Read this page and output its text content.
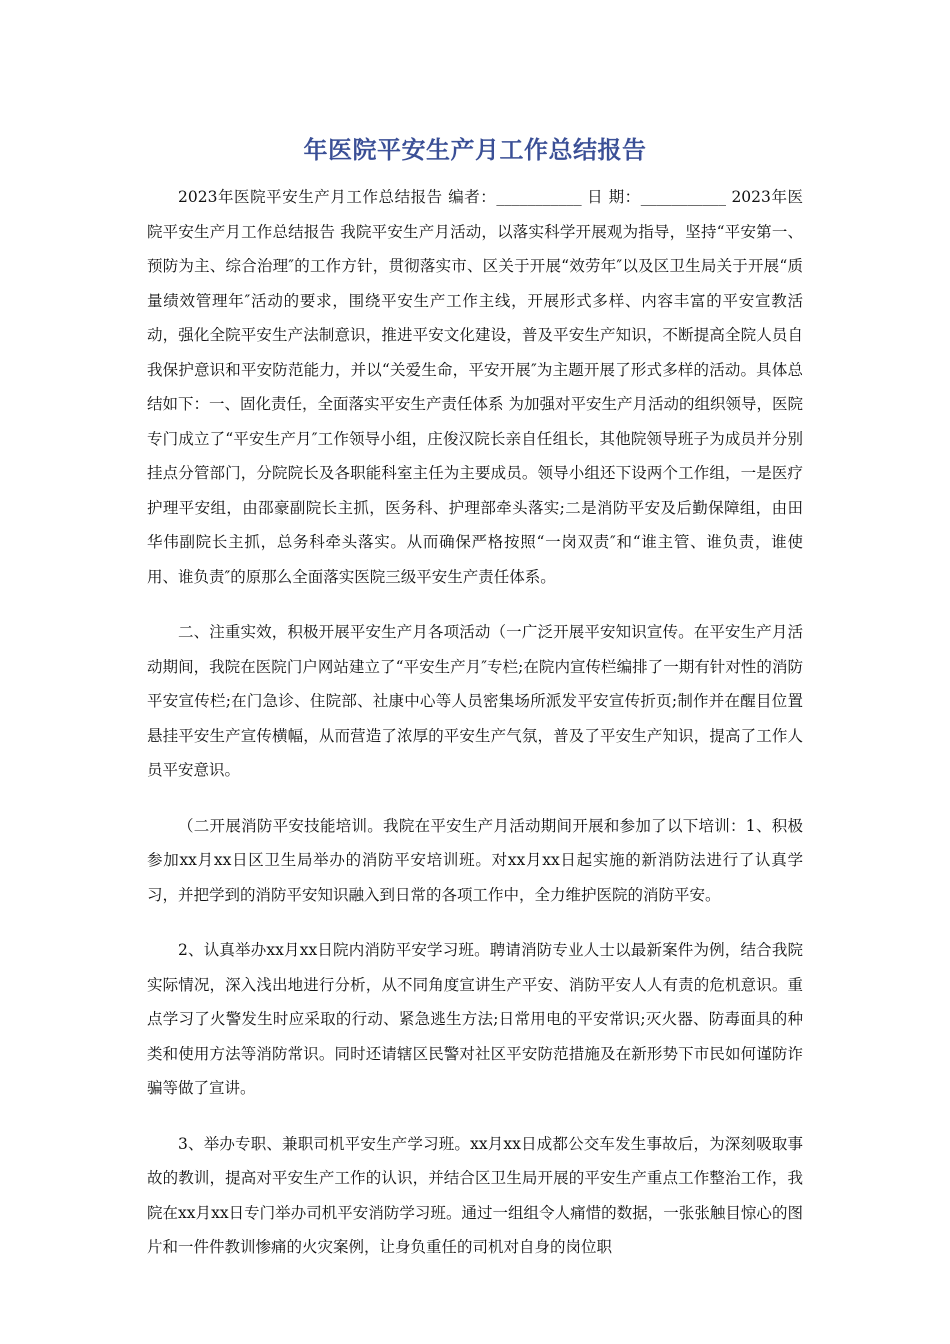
年医院平安生产月工作总结报告

2023年医院平安生产月工作总结报告 编者：___________ 日 期：___________ 2023年医院平安生产月工作总结报告 我院平安生产月活动，以落实科学开展观为指导，坚持“平安第一、预防为主、综合治理″的工作方针，贯彻落实市、区关于开展“效劳年″以及区卫生局关于开展“质量绩效管理年″活动的要求，围绕平安生产工作主线，开展形式多样、内容丰富的平安宣教活动，强化全院平安生产法制意识，推进平安文化建设，普及平安生产知识，不断提高全院人员自我保护意识和平安防范能力，并以“关爱生命，平安开展″为主题开展了形式多样的活动。具体总结如下：一、固化责任，全面落实平安生产责任体系 为加强对平安生产月活动的组织领导，医院专门成立了“平安生产月″工作领导小组，庄俊汉院长亲自任组长，其他院领导班子为成员并分别挂点分管部门，分院院长及各职能科室主任为主要成员。领导小组还下设两个工作组，一是医疗护理平安组，由邵豪副院长主抓，医务科、护理部牵头落实;二是消防平安及后勤保障组，由田华伟副院长主抓，总务科牵头落实。从而确保严格按照“一岗双责″和“谁主管、谁负责，谁使用、谁负责″的原那么全面落实医院三级平安生产责任体系。

二、注重实效，积极开展平安生产月各项活动（一广泛开展平安知识宣传。在平安生产月活动期间，我院在医院门户网站建立了“平安生产月″专栏;在院内宣传栏编排了一期有针对性的消防平安宣传栏;在门急诊、住院部、社康中心等人员密集场所派发平安宣传折页;制作并在醒目位置悬挂平安生产宣传横幅，从而营造了浓厚的平安生产气氛，普及了平安生产知识，提高了工作人员平安意识。

（二开展消防平安技能培训。我院在平安生产月活动期间开展和参加了以下培训：1、积极参加xx月xx日区卫生局举办的消防平安培训班。对xx月xx日起实施的新消防法进行了认真学习，并把学到的消防平安知识融入到日常的各项工作中，全力维护医院的消防平安。

2、认真举办xx月xx日院内消防平安学习班。聘请消防专业人士以最新案件为例，结合我院实际情况，深入浅出地进行分析，从不同角度宣讲生产平安、消防平安人人有责的危机意识。重点学习了火警发生时应采取的行动、紧急逃生方法;日常用电的平安常识;灭火器、防毒面具的种类和使用方法等消防常识。同时还请辖区民警对社区平安防范措施及在新形势下市民如何谨防诈骗等做了宣讲。

3、举办专职、兼职司机平安生产学习班。xx月xx日成都公交车发生事故后，为深刻吸取事故的教训，提高对平安生产工作的认识，并结合区卫生局开展的平安生产重点工作整治工作，我院在xx月xx日专门举办司机平安消防学习班。通过一组组令人痛惜的数据，一张张触目惊心的图片和一件件教训惨痛的火灾案例，让身负重任的司机对自身的岗位职
